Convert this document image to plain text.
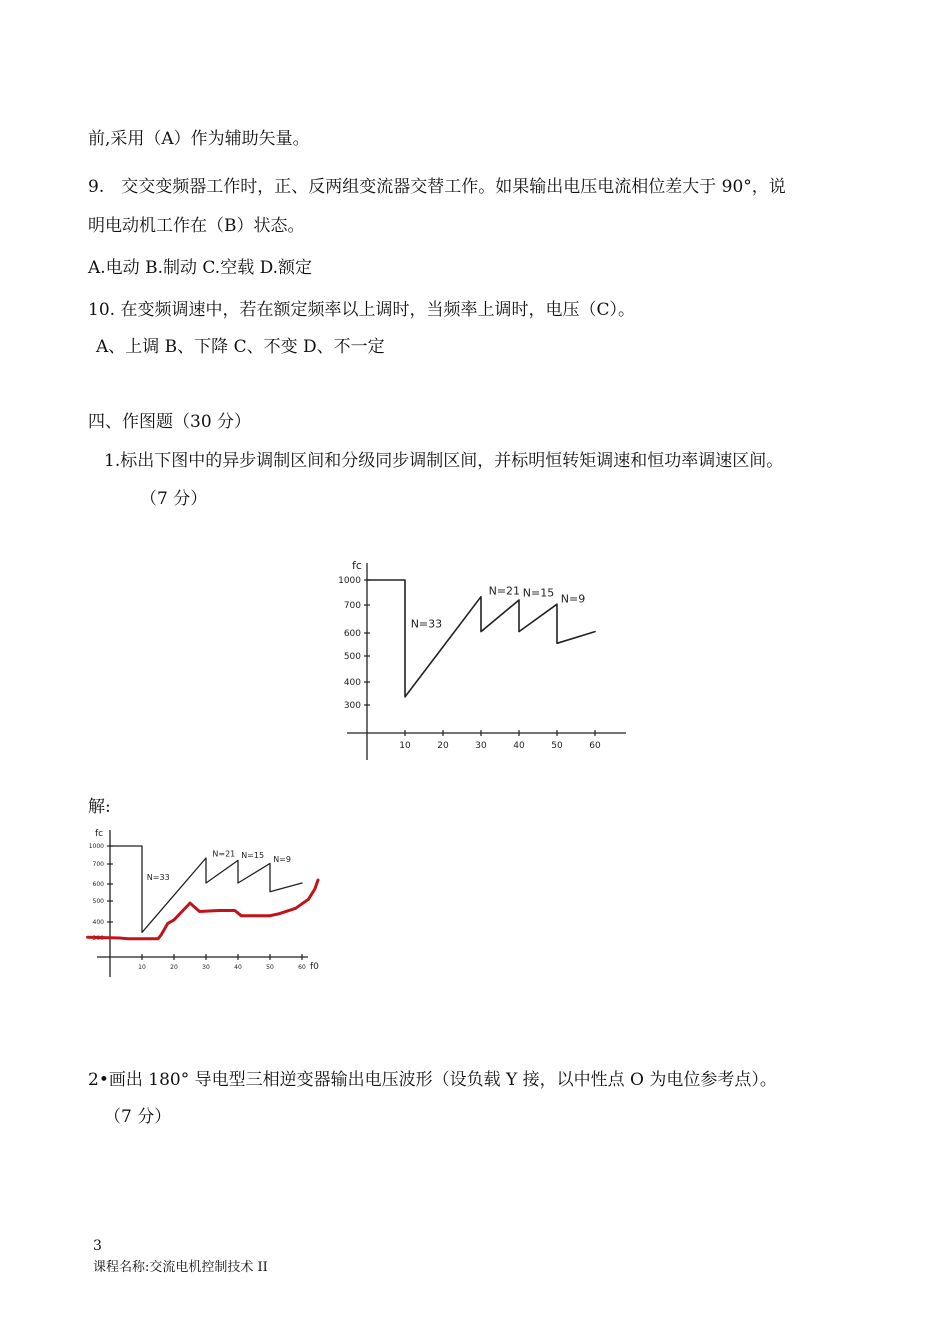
前,采用（A）作为辅助矢量。
9.　交交变频器工作时，正、反两组变流器交替工作。如果输出电压电流相位差大于 90°，说
明电动机工作在（B）状态。
A.电动 B.制动 C.空载 D.额定
10. 在变频调速中，若在额定频率以上调时，当频率上调时，电压（C）。
A、上调 B、下降 C、不变 D、不一定
四、作图题（30 分）
1.标出下图中的异步调制区间和分级同步调制区间，并标明恒转矩调速和恒功率调速区间。
（7 分）
1000
700
600
500
400
300
10	20	30	40	50	60
fc
N=33
N=21 N=15 N=9
解:
1000
700
600
500
400
300
10	20	30	40	50	60
fc
f0
N=33
N=21 N=15 N=9
2•画出 180° 导电型三相逆变器输出电压波形（设负载 Y 接，以中性点 O 为电位参考点）。
（7 分）
3
课程名称:交流电机控制技术 II
